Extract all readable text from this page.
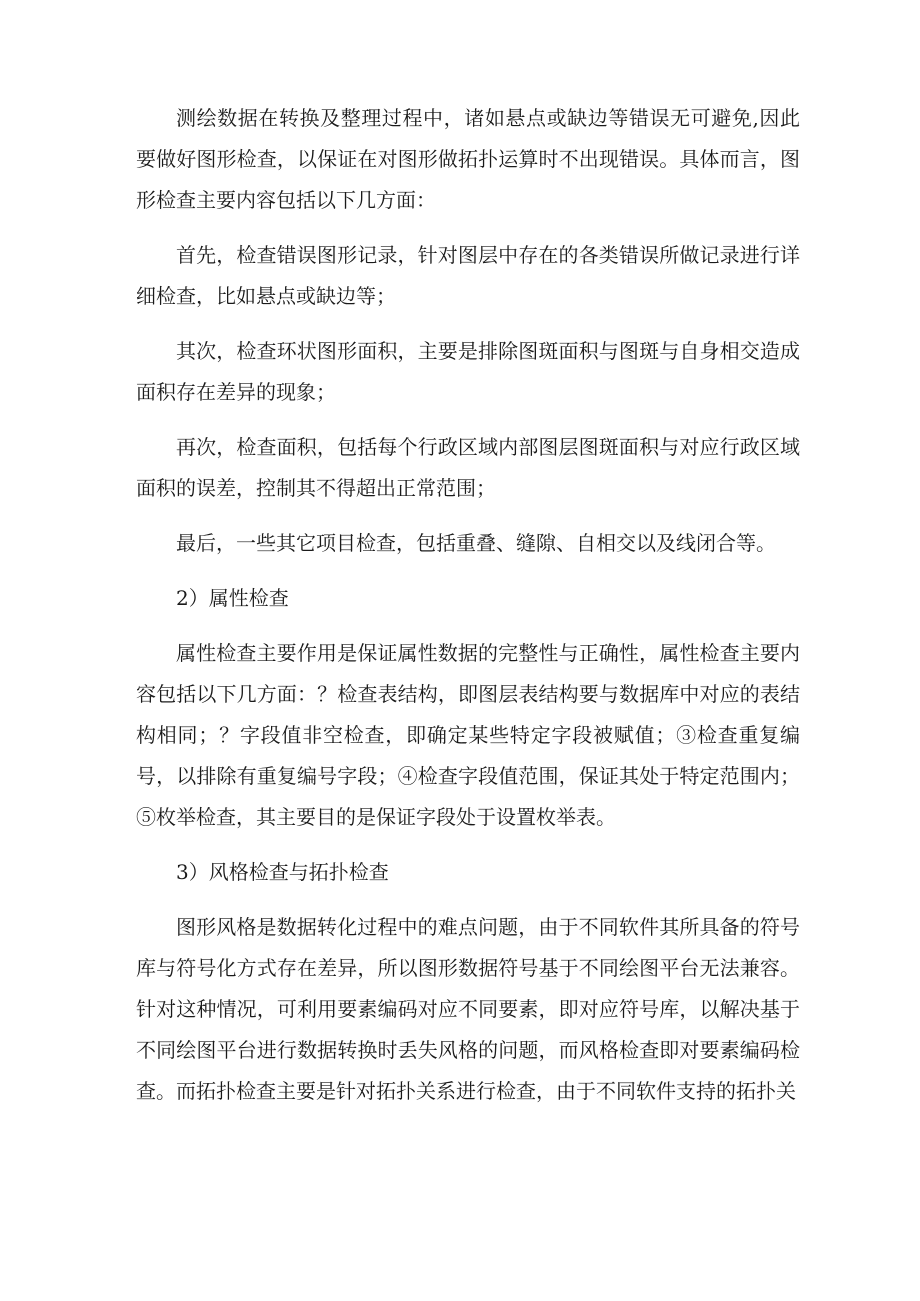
测绘数据在转换及整理过程中，诸如悬点或缺边等错误无可避免,因此要做好图形检查，以保证在对图形做拓扑运算时不出现错误。具体而言，图形检查主要内容包括以下几方面：

首先，检查错误图形记录，针对图层中存在的各类错误所做记录进行详细检查，比如悬点或缺边等；

其次，检查环状图形面积，主要是排除图斑面积与图斑与自身相交造成面积存在差异的现象；

再次，检查面积，包括每个行政区域内部图层图斑面积与对应行政区域面积的误差，控制其不得超出正常范围；

最后，一些其它项目检查，包括重叠、缝隙、自相交以及线闭合等。

2）属性检查

属性检查主要作用是保证属性数据的完整性与正确性，属性检查主要内容包括以下几方面：？检查表结构，即图层表结构要与数据库中对应的表结构相同；？字段值非空检查，即确定某些特定字段被赋值；③检查重复编号，以排除有重复编号字段；④检查字段值范围，保证其处于特定范围内；⑤枚举检查，其主要目的是保证字段处于设置枚举表。

3）风格检查与拓扑检查

图形风格是数据转化过程中的难点问题，由于不同软件其所具备的符号库与符号化方式存在差异，所以图形数据符号基于不同绘图平台无法兼容。针对这种情况，可利用要素编码对应不同要素，即对应符号库，以解决基于不同绘图平台进行数据转换时丢失风格的问题，而风格检查即对要素编码检查。而拓扑检查主要是针对拓扑关系进行检查，由于不同软件支持的拓扑关
